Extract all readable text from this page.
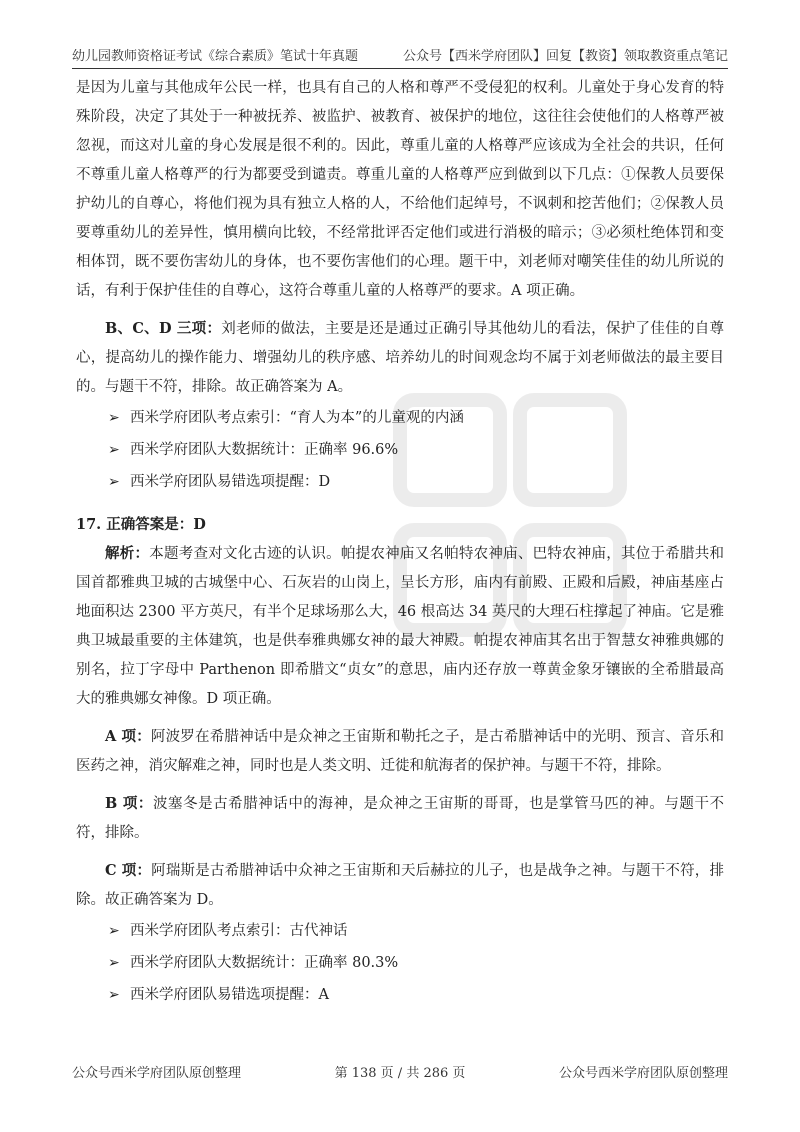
幼儿园教师资格证考试《综合素质》笔试十年真题	公众号【西米学府团队】回复【教资】领取教资重点笔记

是因为儿童与其他成年公民一样，也具有自己的人格和尊严不受侵犯的权利。儿童处于身心发育的特殊阶段，决定了其处于一种被抚养、被监护、被教育、被保护的地位，这往往会使他们的人格尊严被忽视，而这对儿童的身心发展是很不利的。因此，尊重儿童的人格尊严应该成为全社会的共识，任何不尊重儿童人格尊严的行为都要受到谴责。尊重儿童的人格尊严应到做到以下几点：①保教人员要保护幼儿的自尊心，将他们视为具有独立人格的人，不给他们起绰号，不讽刺和挖苦他们；②保教人员要尊重幼儿的差异性，慎用横向比较，不经常批评否定他们或进行消极的暗示；③必须杜绝体罚和变相体罚，既不要伤害幼儿的身体，也不要伤害他们的心理。题干中，刘老师对嘲笑佳佳的幼儿所说的话，有利于保护佳佳的自尊心，这符合尊重儿童的人格尊严的要求。A 项正确。

B、C、D 三项：刘老师的做法，主要是还是通过正确引导其他幼儿的看法，保护了佳佳的自尊心，提高幼儿的操作能力、增强幼儿的秩序感、培养幼儿的时间观念均不属于刘老师做法的最主要目的。与题干不符，排除。故正确答案为 A。

➢ 西米学府团队考点索引：“育人为本”的儿童观的内涵
➢ 西米学府团队大数据统计：正确率 96.6%
➢ 西米学府团队易错选项提醒：D

17. 正确答案是：D

解析：本题考查对文化古迹的认识。帕提农神庙又名帕特农神庙、巴特农神庙，其位于希腊共和国首都雅典卫城的古城堡中心、石灰岩的山岗上，呈长方形，庙内有前殿、正殿和后殿，神庙基座占地面积达 2300 平方英尺，有半个足球场那么大，46 根高达 34 英尺的大理石柱撑起了神庙。它是雅典卫城最重要的主体建筑，也是供奉雅典娜女神的最大神殿。帕提农神庙其名出于智慧女神雅典娜的别名，拉丁字母中 Parthenon 即希腊文“贞女”的意思，庙内还存放一尊黄金象牙镶嵌的全希腊最高大的雅典娜女神像。D 项正确。

A 项：阿波罗在希腊神话中是众神之王宙斯和勒托之子，是古希腊神话中的光明、预言、音乐和医药之神，消灾解难之神，同时也是人类文明、迁徙和航海者的保护神。与题干不符，排除。

B 项：波塞冬是古希腊神话中的海神，是众神之王宙斯的哥哥，也是掌管马匹的神。与题干不符，排除。

C 项：阿瑞斯是古希腊神话中众神之王宙斯和天后赫拉的儿子，也是战争之神。与题干不符，排除。故正确答案为 D。

➢ 西米学府团队考点索引：古代神话
➢ 西米学府团队大数据统计：正确率 80.3%
➢ 西米学府团队易错选项提醒：A
公众号西米学府团队原创整理	第 138 页 / 共 286 页	公众号西米学府团队原创整理
